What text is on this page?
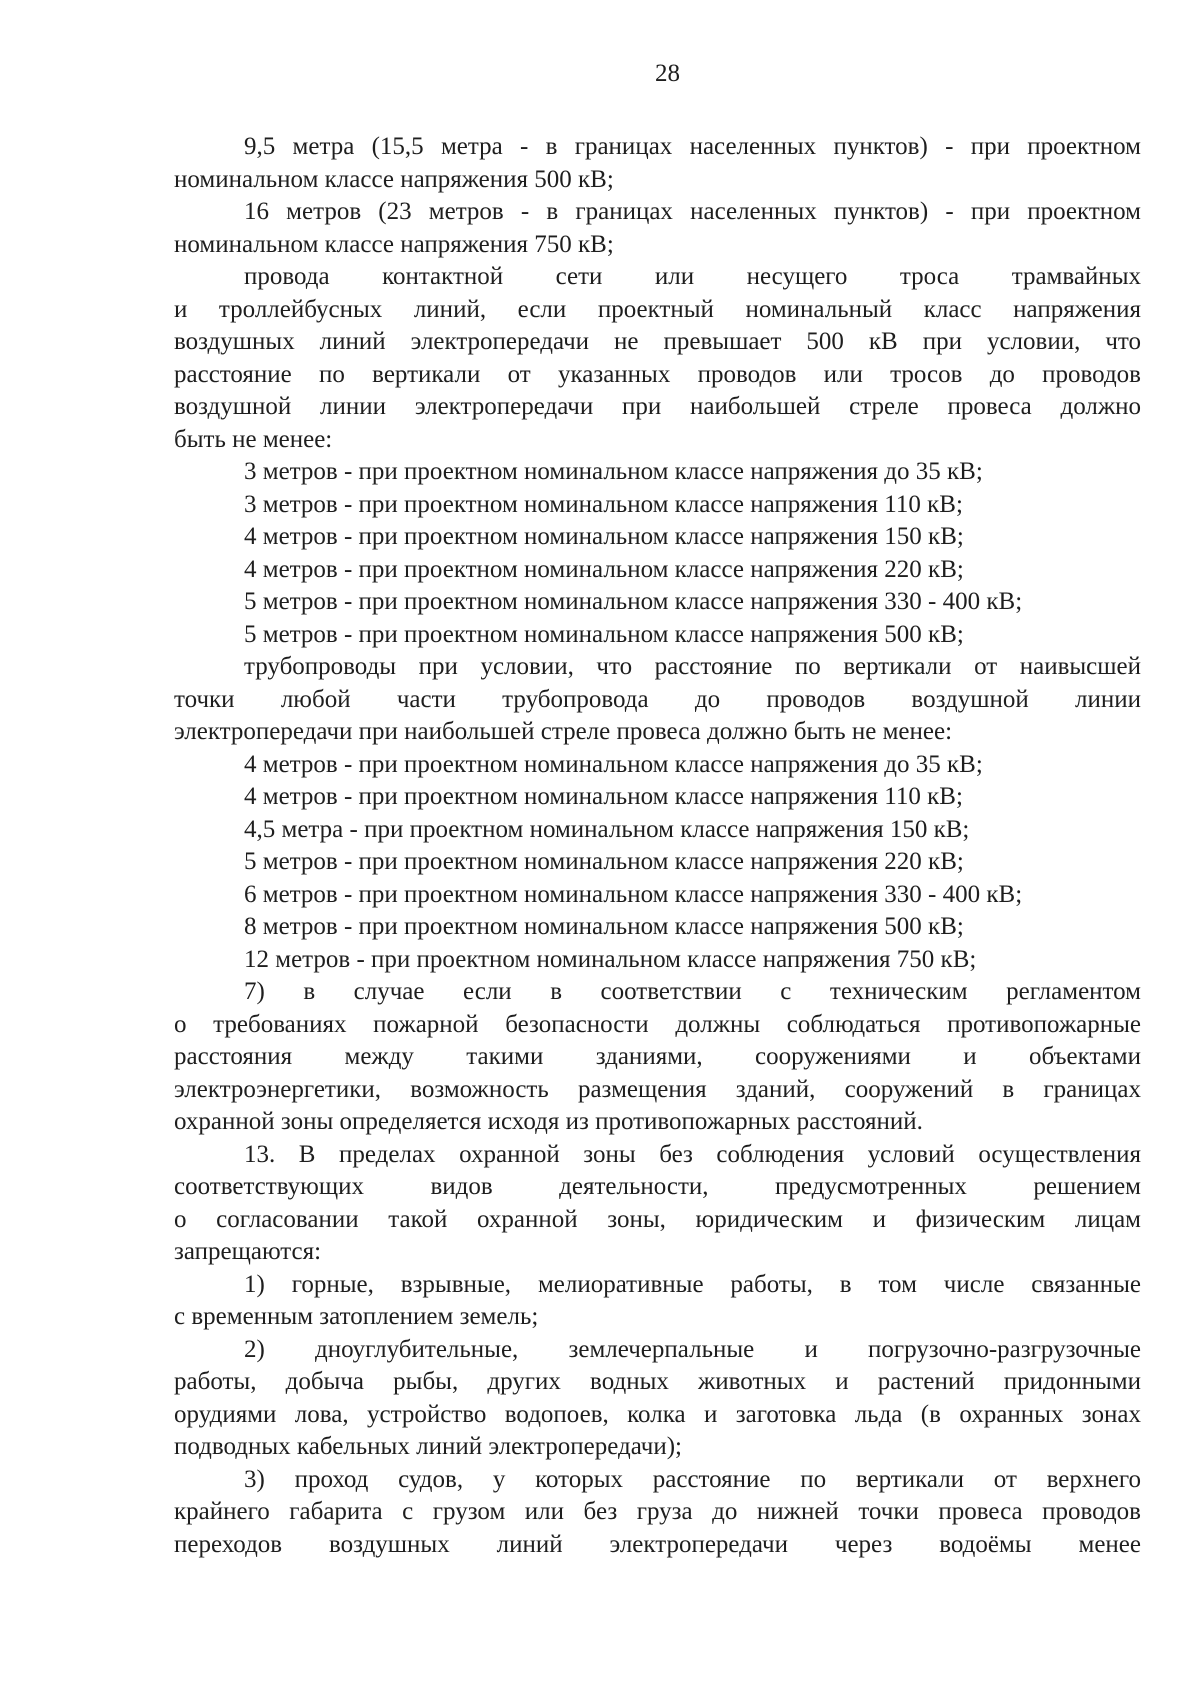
28
9,5 метра (15,5 метра - в границах населенных пунктов) - при проектном
номинальном классе напряжения 500 кВ;
16 метров (23 метров - в границах населенных пунктов) - при проектном
номинальном классе напряжения 750 кВ;
провода контактной сети или несущего троса трамвайных
и троллейбусных линий, если проектный номинальный класс напряжения
воздушных линий электропередачи не превышает 500 кВ при условии, что
расстояние по вертикали от указанных проводов или тросов до проводов
воздушной линии электропередачи при наибольшей стреле провеса должно
быть не менее:
3 метров - при проектном номинальном классе напряжения до 35 кВ;
3 метров - при проектном номинальном классе напряжения 110 кВ;
4 метров - при проектном номинальном классе напряжения 150 кВ;
4 метров - при проектном номинальном классе напряжения 220 кВ;
5 метров - при проектном номинальном классе напряжения 330 - 400 кВ;
5 метров - при проектном номинальном классе напряжения 500 кВ;
трубопроводы при условии, что расстояние по вертикали от наивысшей
точки любой части трубопровода до проводов воздушной линии
электропередачи при наибольшей стреле провеса должно быть не менее:
4 метров - при проектном номинальном классе напряжения до 35 кВ;
4 метров - при проектном номинальном классе напряжения 110 кВ;
4,5 метра - при проектном номинальном классе напряжения 150 кВ;
5 метров - при проектном номинальном классе напряжения 220 кВ;
6 метров - при проектном номинальном классе напряжения 330 - 400 кВ;
8 метров - при проектном номинальном классе напряжения 500 кВ;
12 метров - при проектном номинальном классе напряжения 750 кВ;
7) в случае если в соответствии с техническим регламентом
о требованиях пожарной безопасности должны соблюдаться противопожарные
расстояния между такими зданиями, сооружениями и объектами
электроэнергетики, возможность размещения зданий, сооружений в границах
охранной зоны определяется исходя из противопожарных расстояний.
13. В пределах охранной зоны без соблюдения условий осуществления
соответствующих видов деятельности, предусмотренных решением
о согласовании такой охранной зоны, юридическим и физическим лицам
запрещаются:
1) горные, взрывные, мелиоративные работы, в том числе связанные
с временным затоплением земель;
2) дноуглубительные, землечерпальные и погрузочно-разгрузочные
работы, добыча рыбы, других водных животных и растений придонными
орудиями лова, устройство водопоев, колка и заготовка льда (в охранных зонах
подводных кабельных линий электропередачи);
3) проход судов, у которых расстояние по вертикали от верхнего
крайнего габарита с грузом или без груза до нижней точки провеса проводов
переходов воздушных линий электропередачи через водоёмы менее
